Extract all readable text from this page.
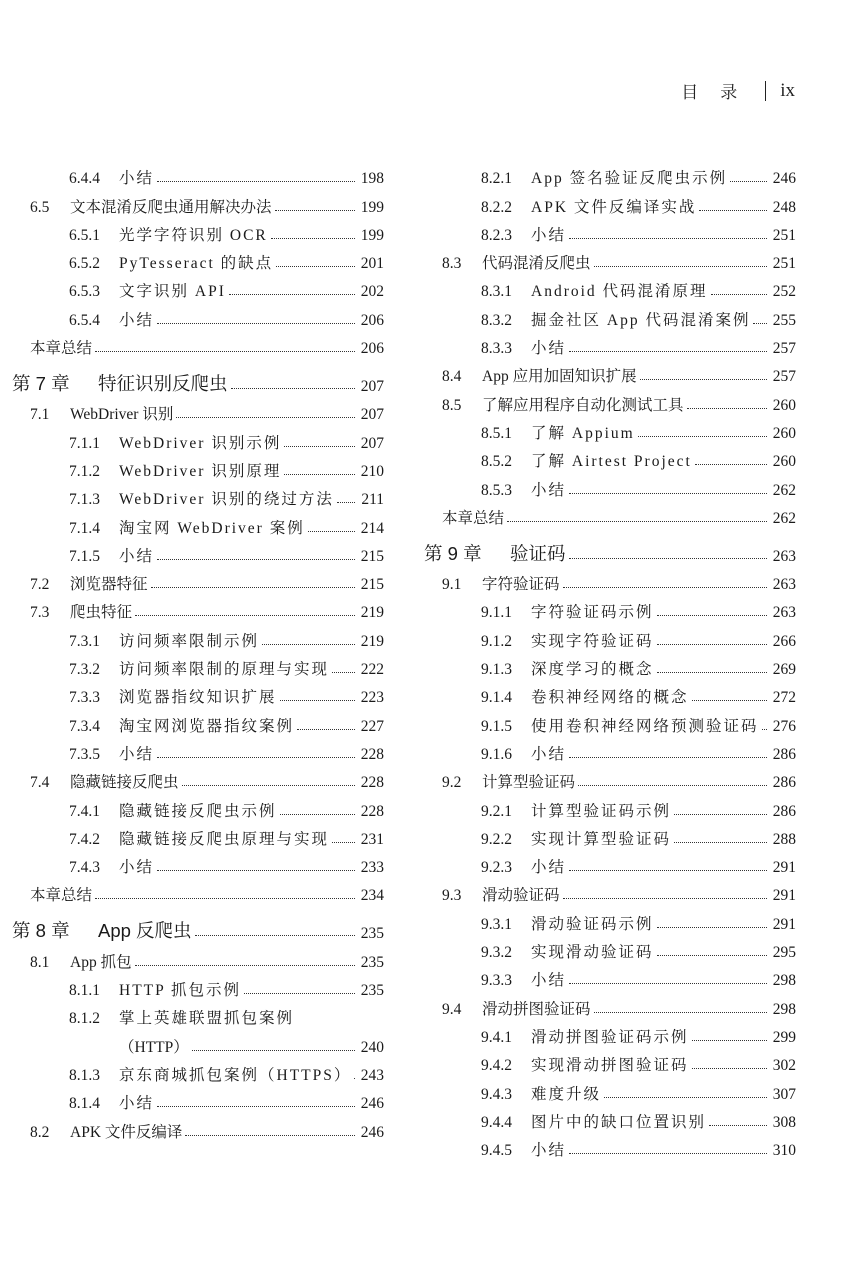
目录 ix
6.4.4	小结	198
6.5	文本混淆反爬虫通用解决办法	199
6.5.1	光学字符识别 OCR	199
6.5.2	PyTesseract 的缺点	201
6.5.3	文字识别 API	202
6.5.4	小结	206
本章总结	206
第 7 章	特征识别反爬虫	207
7.1	WebDriver 识别	207
7.1.1	WebDriver 识别示例	207
7.1.2	WebDriver 识别原理	210
7.1.3	WebDriver 识别的绕过方法 211
7.1.4	淘宝网 WebDriver 案例	214
7.1.5	小结	215
7.2	浏览器特征	215
7.3	爬虫特征	219
7.3.1	访问频率限制示例	219
7.3.2	访问频率限制的原理与实现 222
7.3.3	浏览器指纹知识扩展	223
7.3.4	淘宝网浏览器指纹案例	227
7.3.5	小结	228
7.4	隐藏链接反爬虫	228
7.4.1	隐藏链接反爬虫示例	228
7.4.2	隐藏链接反爬虫原理与实现 231
7.4.3	小结	233
本章总结	234
第 8 章	App 反爬虫	235
8.1	App 抓包	235
8.1.1	HTTP 抓包示例	235
8.1.2	掌上英雄联盟抓包案例
（HTTP）	240
8.1.3	京东商城抓包案例（HTTPS） 243
8.1.4	小结	246
8.2	APK 文件反编译	246
8.2.1	App 签名验证反爬虫示例	246
8.2.2	APK 文件反编译实战	248
8.2.3	小结	251
8.3	代码混淆反爬虫	251
8.3.1	Android 代码混淆原理	252
8.3.2	掘金社区 App 代码混淆案例 255
8.3.3	小结	257
8.4	App 应用加固知识扩展	257
8.5	了解应用程序自动化测试工具	260
8.5.1	了解 Appium	260
8.5.2	了解 Airtest Project	260
8.5.3	小结	262
本章总结	262
第 9 章	验证码	263
9.1	字符验证码	263
9.1.1	字符验证码示例	263
9.1.2	实现字符验证码	266
9.1.3	深度学习的概念	269
9.1.4	卷积神经网络的概念	272
9.1.5	使用卷积神经网络预测验证码 276
9.1.6	小结	286
9.2	计算型验证码	286
9.2.1	计算型验证码示例	286
9.2.2	实现计算型验证码	288
9.2.3	小结	291
9.3	滑动验证码	291
9.3.1	滑动验证码示例	291
9.3.2	实现滑动验证码	295
9.3.3	小结	298
9.4	滑动拼图验证码	298
9.4.1	滑动拼图验证码示例	299
9.4.2	实现滑动拼图验证码	302
9.4.3	难度升级	307
9.4.4	图片中的缺口位置识别	308
9.4.5	小结	310
